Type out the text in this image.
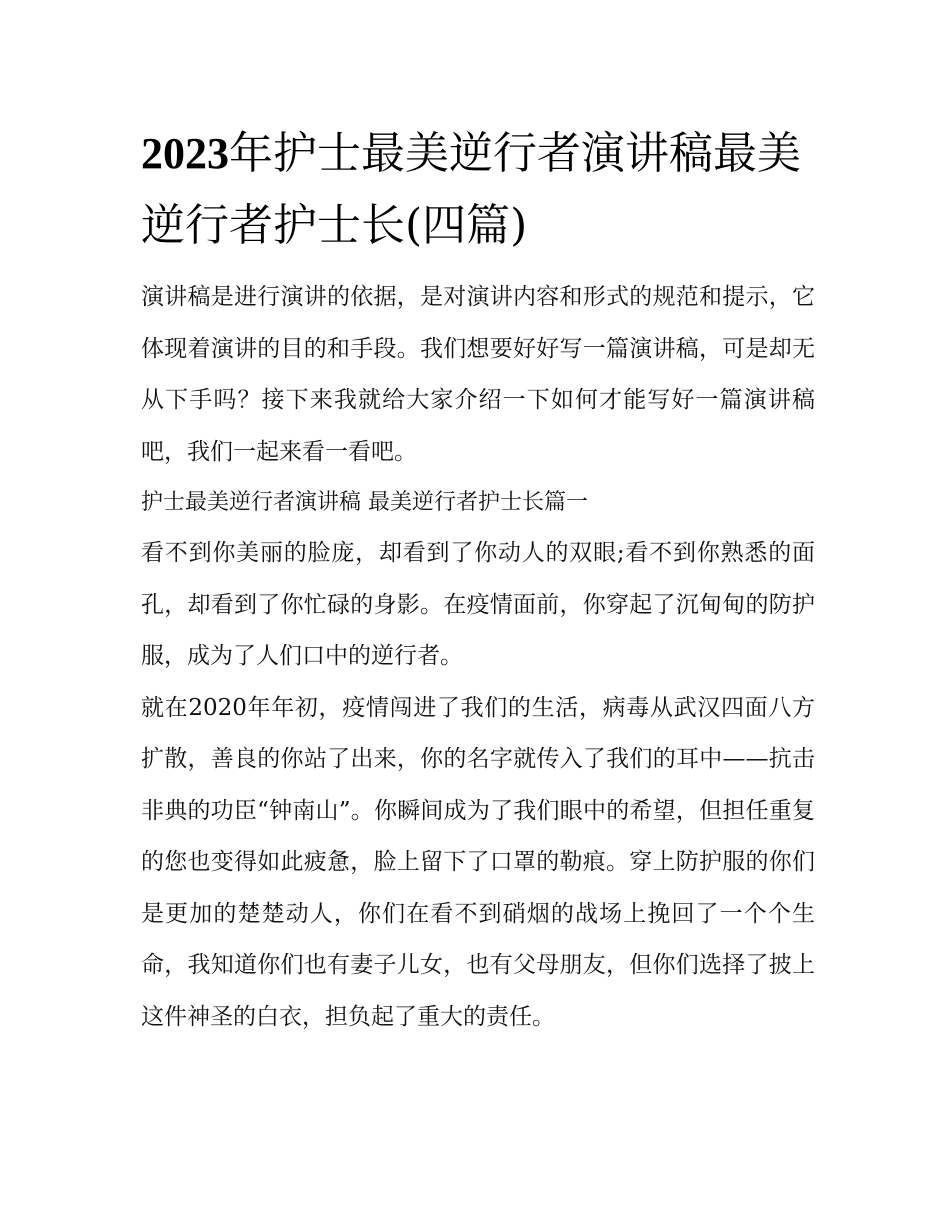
2023年护士最美逆行者演讲稿最美逆行者护士长(四篇)

演讲稿是进行演讲的依据，是对演讲内容和形式的规范和提示，它体现着演讲的目的和手段。我们想要好好写一篇演讲稿，可是却无从下手吗？接下来我就给大家介绍一下如何才能写好一篇演讲稿吧，我们一起来看一看吧。

护士最美逆行者演讲稿 最美逆行者护士长篇一

看不到你美丽的脸庞，却看到了你动人的双眼;看不到你熟悉的面孔，却看到了你忙碌的身影。在疫情面前，你穿起了沉甸甸的防护服，成为了人们口中的逆行者。

就在2020年年初，疫情闯进了我们的生活，病毒从武汉四面八方扩散，善良的你站了出来，你的名字就传入了我们的耳中——抗击非典的功臣“钟南山”。你瞬间成为了我们眼中的希望，但担任重复的您也变得如此疲惫，脸上留下了口罩的勒痕。穿上防护服的你们是更加的楚楚动人，你们在看不到硝烟的战场上挽回了一个个生命，我知道你们也有妻子儿女，也有父母朋友，但你们选择了披上这件神圣的白衣，担负起了重大的责任。
